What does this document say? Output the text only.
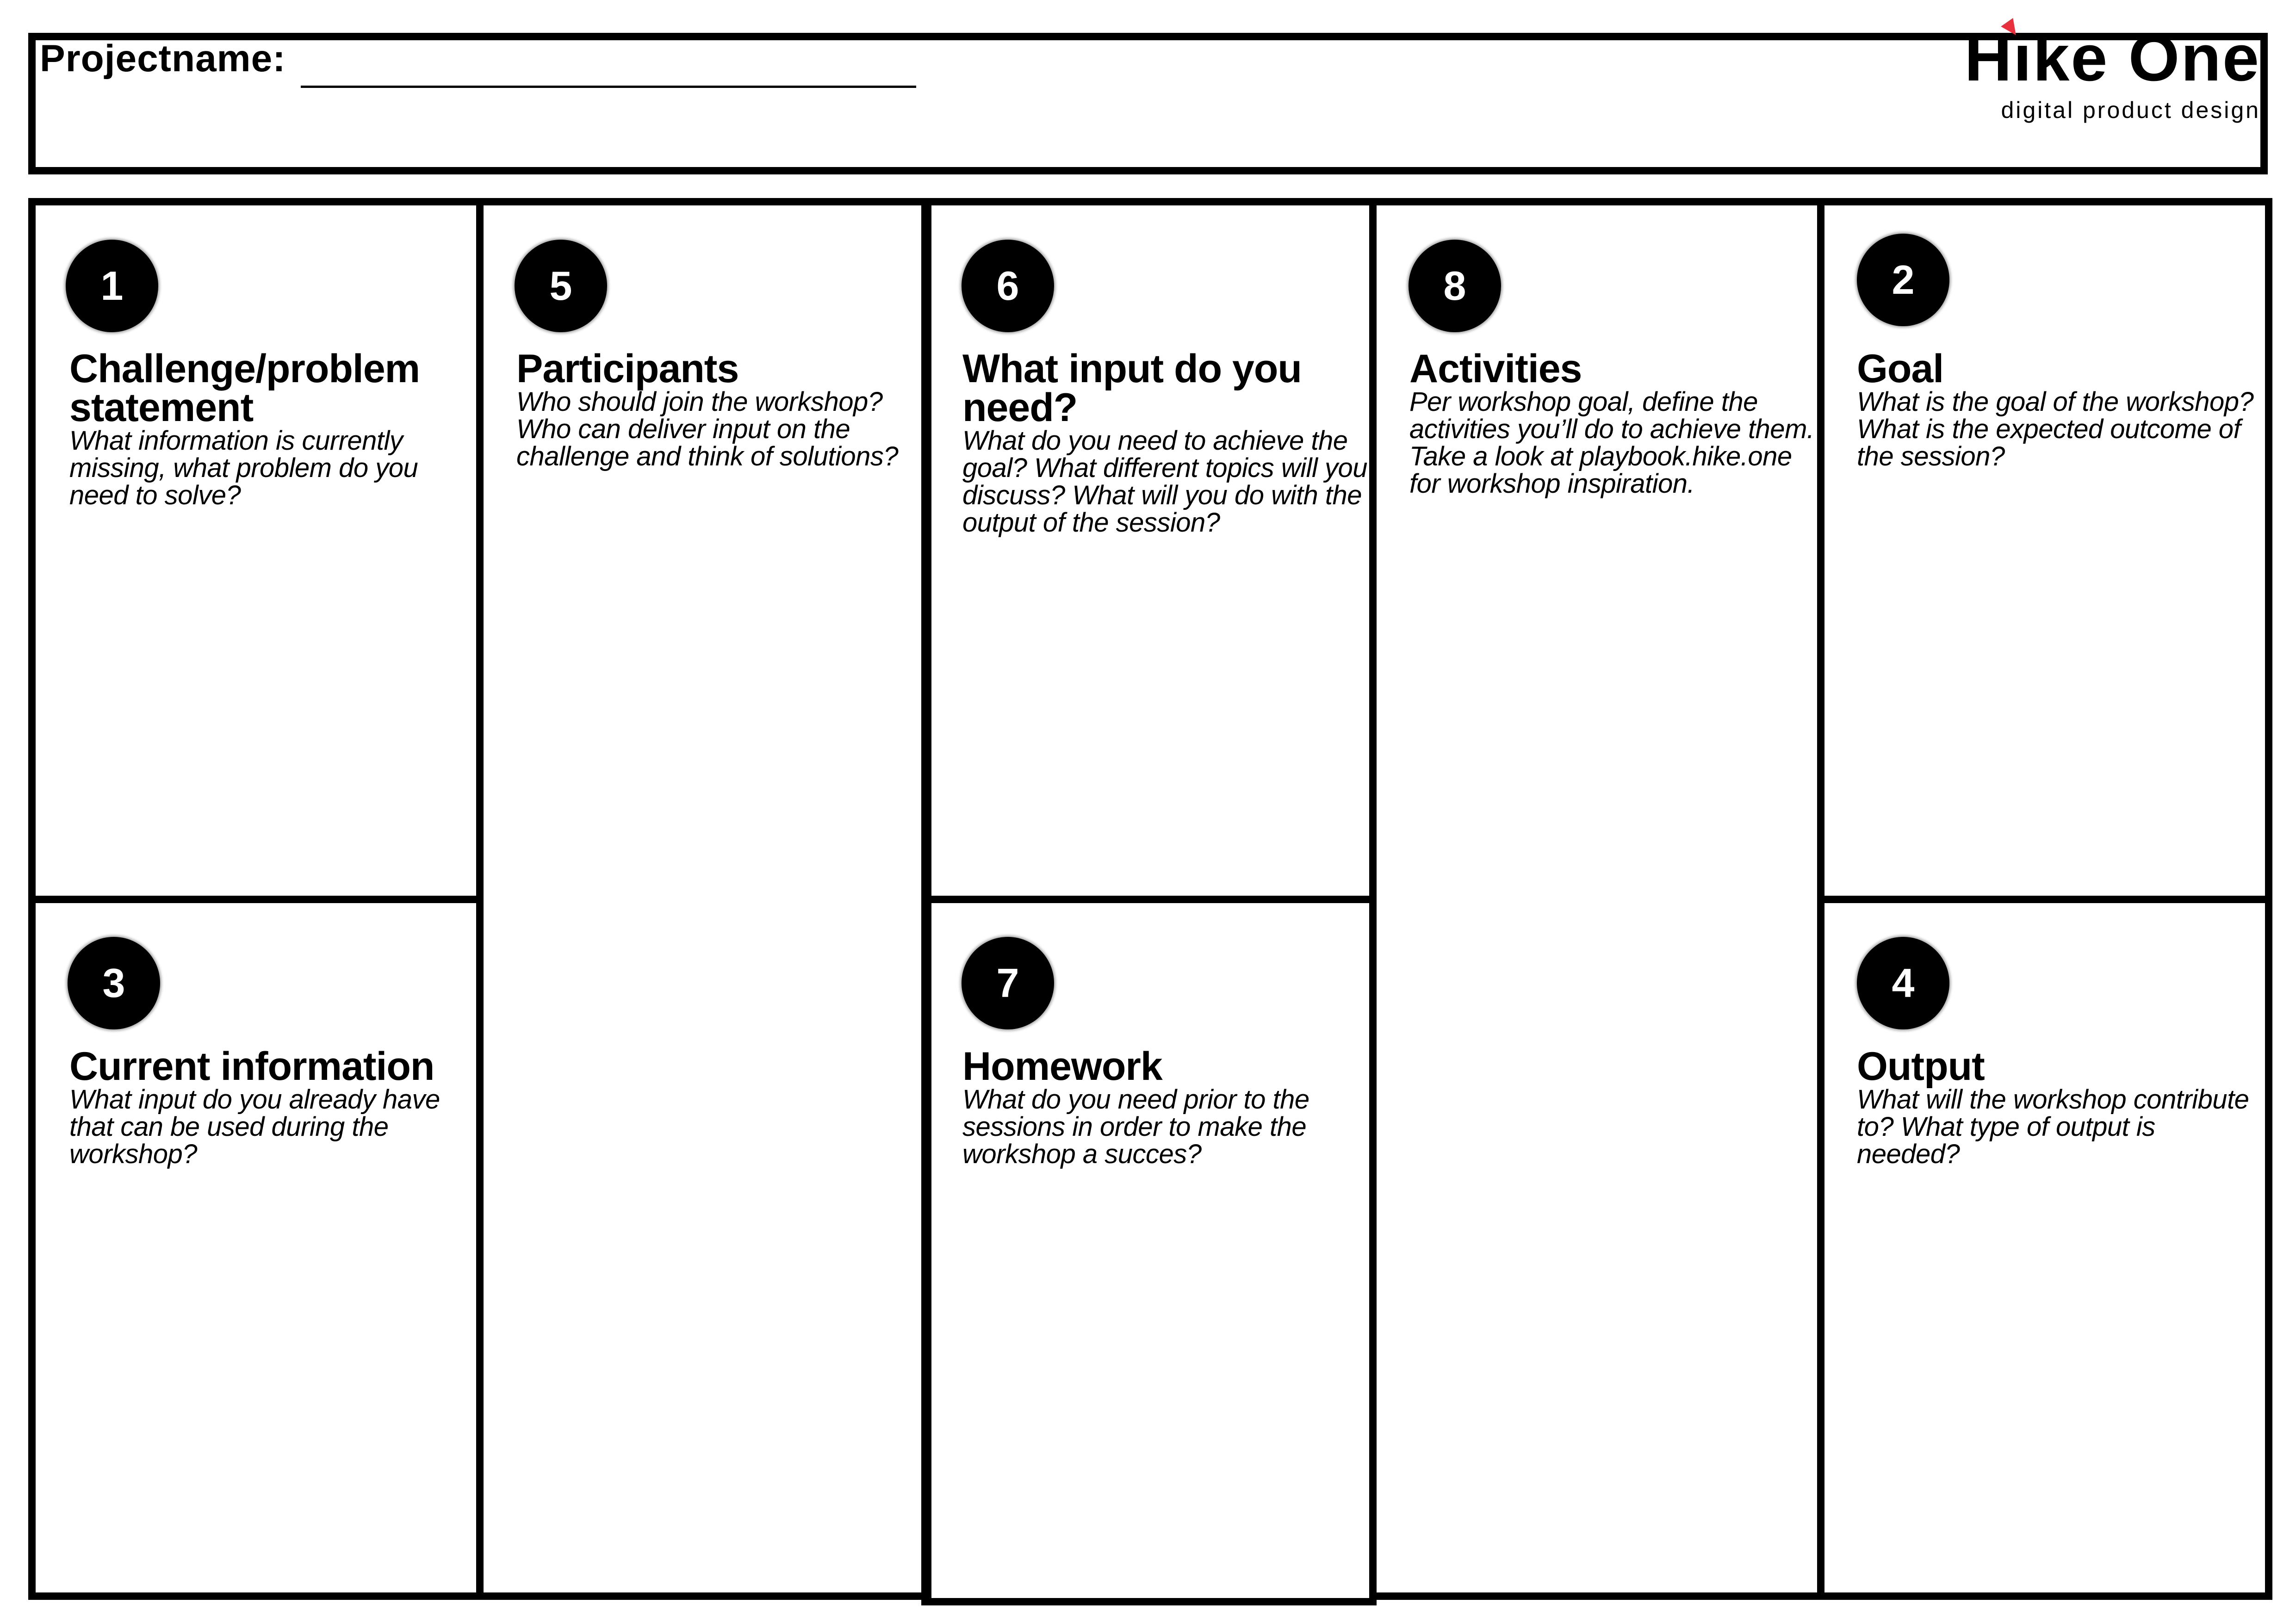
Projectname:	Hike One
digital product design
1
Challenge/problem statement
What information is currently missing, what problem do you need to solve?
3
Current information
What input do you already have that can be used during the workshop?
5
Participants
Who should join the workshop? Who can deliver input on the challenge and think of solutions?
6
What input do you need?
What do you need to achieve the goal? What different topics will you discuss? What will you do with the output of the session?
7
Homework
What do you need prior to the sessions in order to make the workshop a succes?
8
Activities
Per workshop goal, define the activities you’ll do to achieve them. Take a look at playbook.hike.one for workshop inspiration.
2
Goal
What is the goal of the workshop? What is the expected outcome of the session?
4
Output
What will the workshop contribute to? What type of output is needed?
